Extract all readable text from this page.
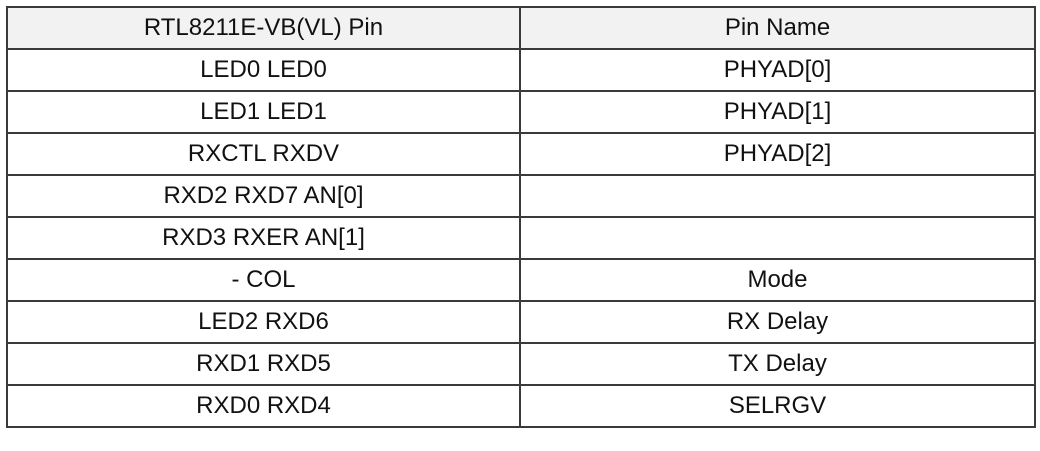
RTL8211E-VB(VL) Pin	Pin Name
LED0 LED0	PHYAD[0]
LED1 LED1	PHYAD[1]
RXCTL RXDV	PHYAD[2]
RXD2 RXD7 AN[0]	
RXD3 RXER AN[1]	
- COL	Mode
LED2 RXD6	RX Delay
RXD1 RXD5	TX Delay
RXD0 RXD4	SELRGV
